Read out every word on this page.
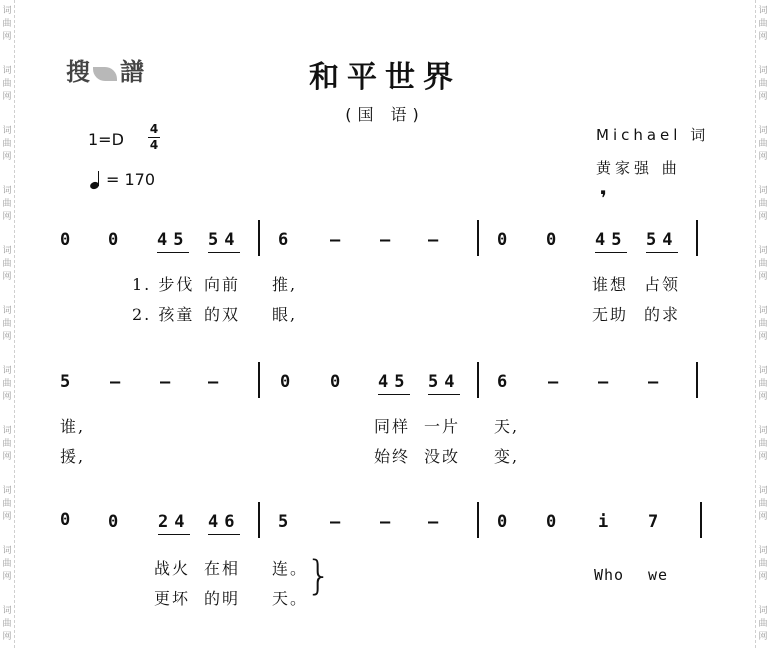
词
曲
网
词
曲
网
词
曲
网
词
曲
网
词
曲
网
词
曲
网
词
曲
网
词
曲
网
词
曲
网
词
曲
网
词
曲
网
词
曲
网
词
曲
网
词
曲
网
词
曲
网
词
曲
网
词
曲
网
词
曲
网
词
曲
网
词
曲
网
词
曲
网
词
曲
网
搜 譜	和平世界
(国 语)
1=D
4
4
= 170
Michael 词
黄家强 曲
❜
0 0 45 54 6 – – –	0 0 45 54
1. 步伐 向前 推,	谁想 占领
2. 孩童 的双 眼,	无助 的求
5 – – –	0 0 45 54 6 – – –
谁,	同样 一片 天,
援,	始终 没改 变,
0 0 24 46 5 – – –	0 0 i 7
战火 在相 连。	Who we
更坏 的明 天。
}
